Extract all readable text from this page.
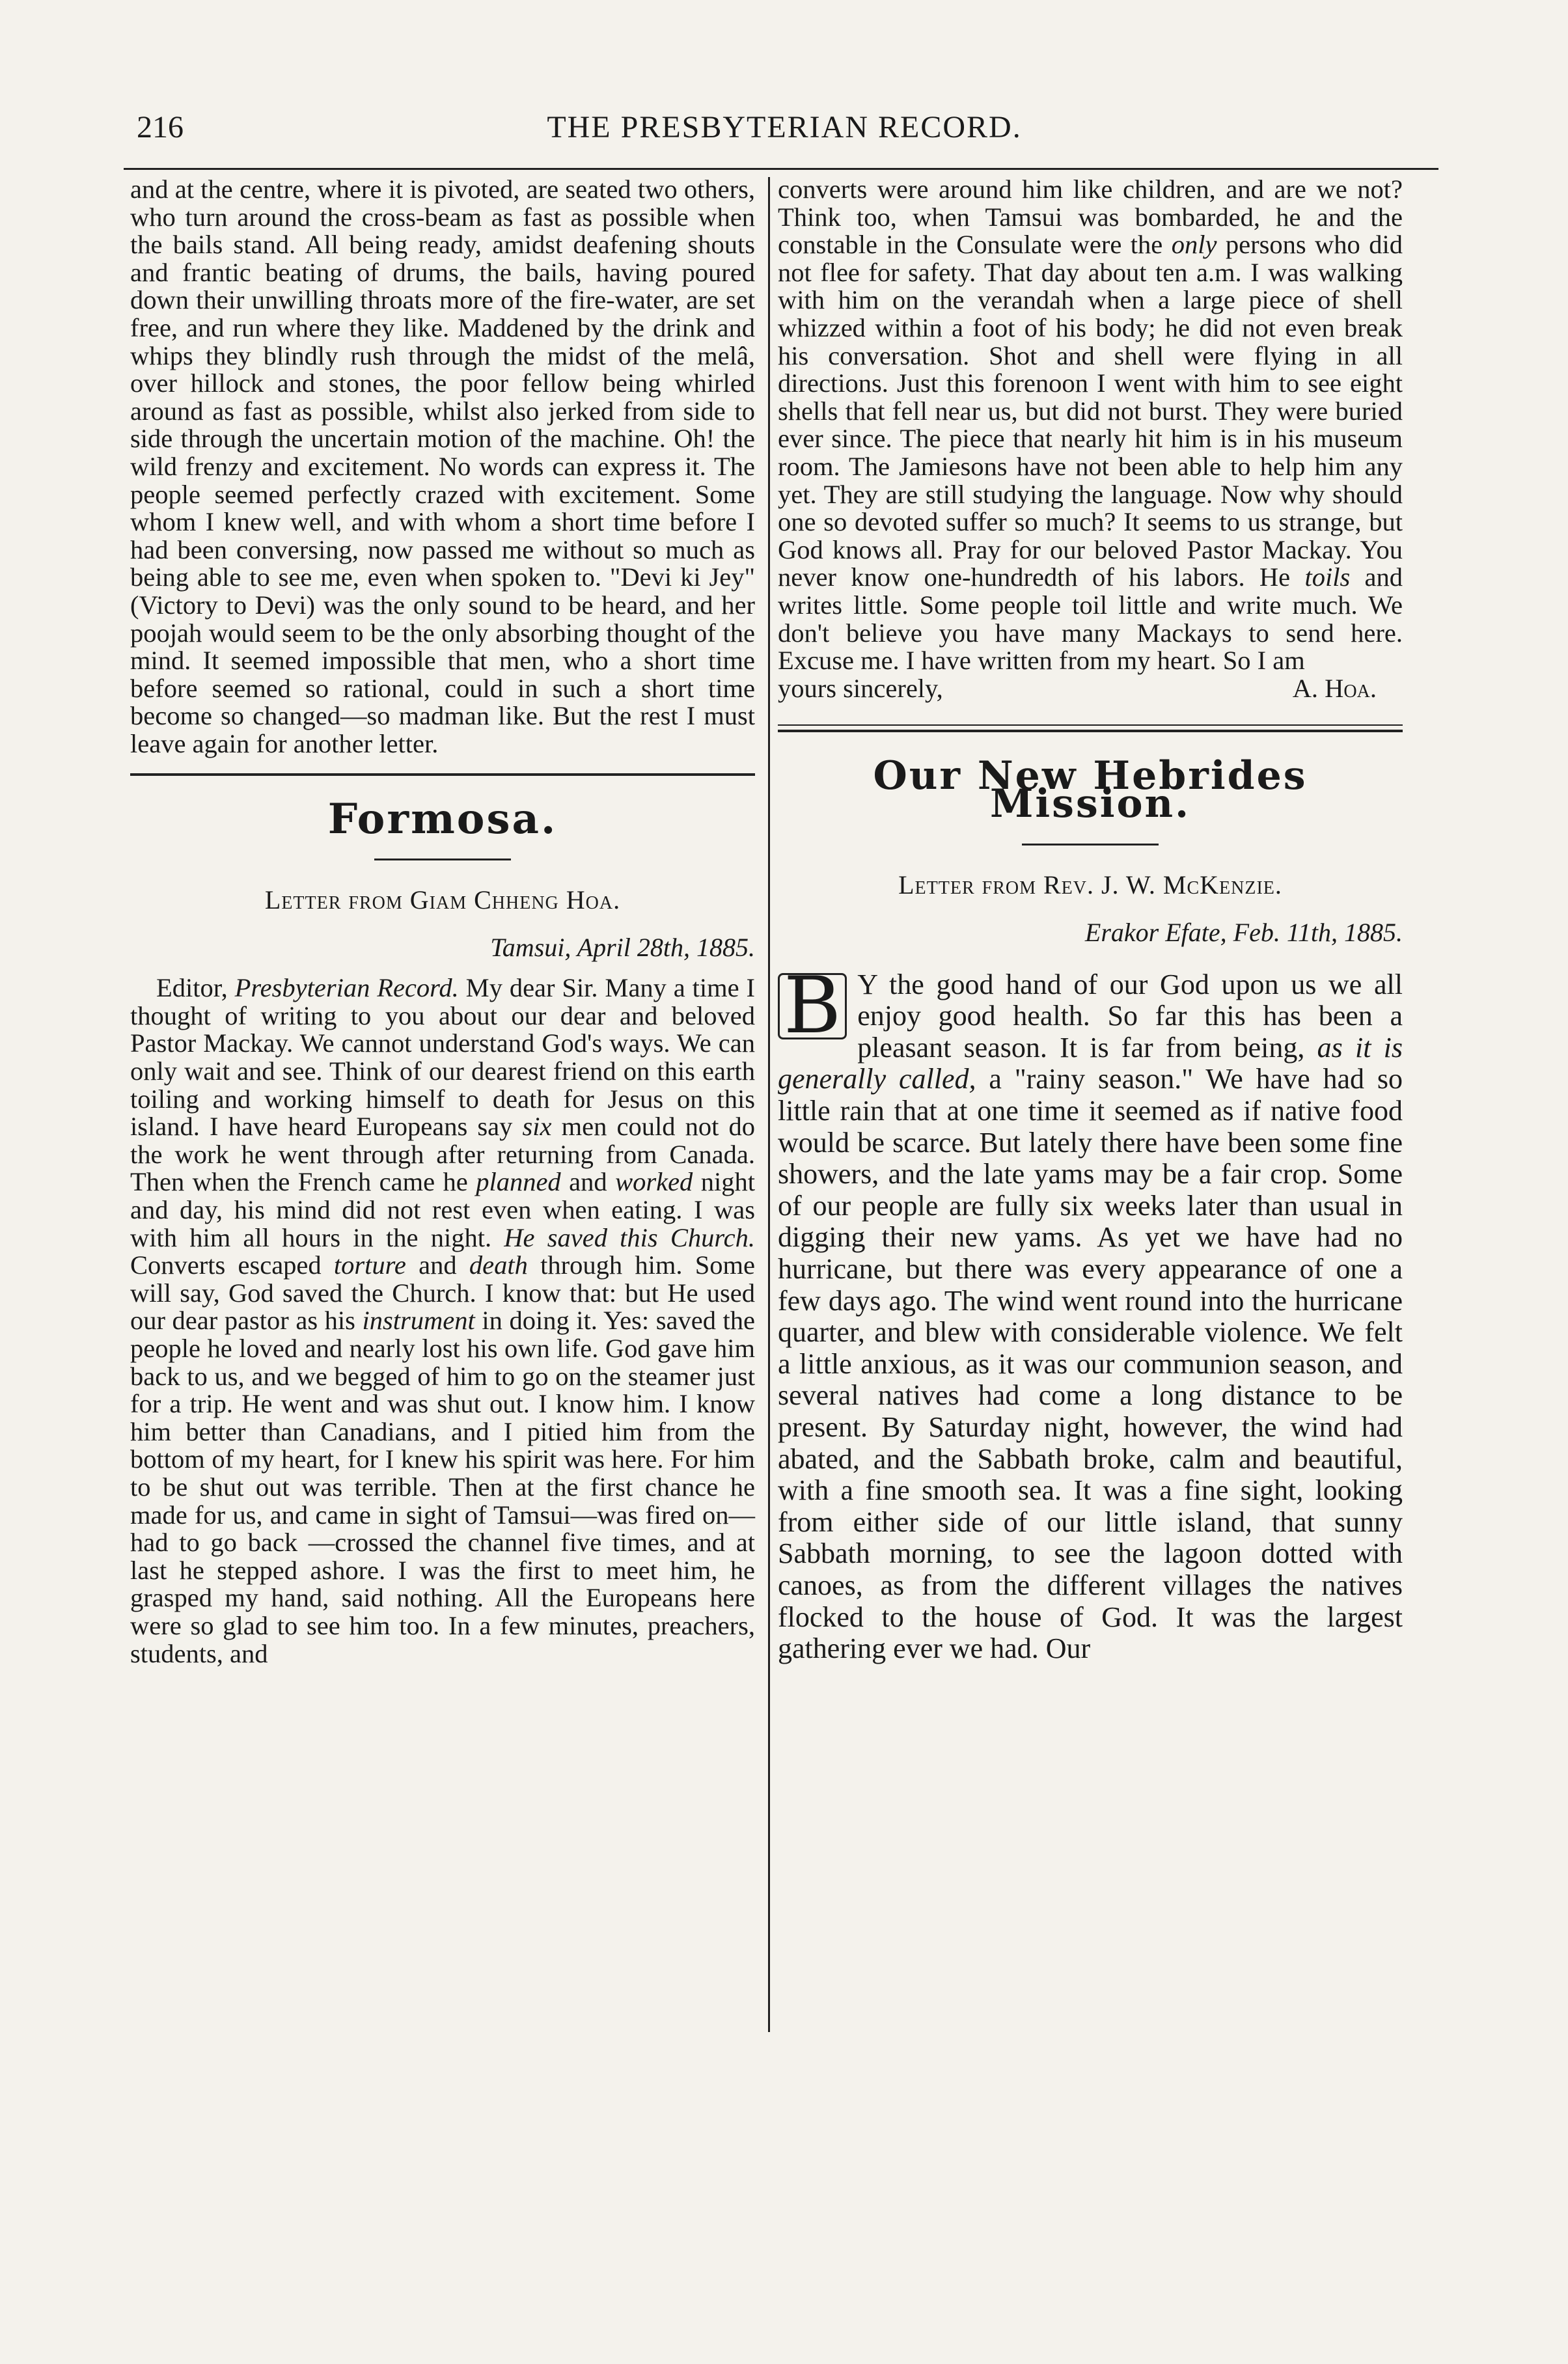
216	THE PRESBYTERIAN RECORD.

and at the centre, where it is pivoted, are seated two others, who turn around the cross-beam as fast as possible when the bails stand. All being ready, amidst deafening shouts and frantic beating of drums, the bails, having poured down their unwilling throats more of the fire-water, are set free, and run where they like. Maddened by the drink and whips they blindly rush through the midst of the melâ, over hillock and stones, the poor fellow being whirled around as fast as possible, whilst also jerked from side to side through the uncertain motion of the machine. Oh! the wild frenzy and excitement. No words can express it. The people seemed perfectly crazed with excitement. Some whom I knew well, and with whom a short time before I had been conversing, now passed me without so much as being able to see me, even when spoken to. "Devi ki Jey" (Victory to Devi) was the only sound to be heard, and her poojah would seem to be the only absorbing thought of the mind. It seemed impossible that men, who a short time before seemed so rational, could in such a short time become so changed—so madman like. But the rest I must leave again for another letter.

Formosa.
Letter from Giam Chheng Hoa.
Tamsui, April 28th, 1885.

Editor, Presbyterian Record. My dear Sir. Many a time I thought of writing to you about our dear and beloved Pastor Mackay. We cannot understand God's ways. We can only wait and see. Think of our dearest friend on this earth toiling and working himself to death for Jesus on this island. I have heard Europeans say six men could not do the work he went through after returning from Canada. Then when the French came he planned and worked night and day, his mind did not rest even when eating. I was with him all hours in the night. He saved this Church. Converts escaped torture and death through him. Some will say, God saved the Church. I know that: but He used our dear pastor as his instrument in doing it. Yes: saved the people he loved and nearly lost his own life. God gave him back to us, and we begged of him to go on the steamer just for a trip. He went and was shut out. I know him. I know him better than Canadians, and I pitied him from the bottom of my heart, for I knew his spirit was here. For him to be shut out was terrible. Then at the first chance he made for us, and came in sight of Tamsui—was fired on—had to go back —crossed the channel five times, and at last he stepped ashore. I was the first to meet him, he grasped my hand, said nothing. All the Europeans here were so glad to see him too. In a few minutes, preachers, students, and

converts were around him like children, and are we not? Think too, when Tamsui was bombarded, he and the constable in the Consulate were the only persons who did not flee for safety. That day about ten a.m. I was walking with him on the verandah when a large piece of shell whizzed within a foot of his body; he did not even break his conversation. Shot and shell were flying in all directions. Just this forenoon I went with him to see eight shells that fell near us, but did not burst. They were buried ever since. The piece that nearly hit him is in his museum room. The Jamiesons have not been able to help him any yet. They are still studying the language. Now why should one so devoted suffer so much? It seems to us strange, but God knows all. Pray for our beloved Pastor Mackay. You never know one-hundredth of his labors. He toils and writes little. Some people toil little and write much. We don't believe you have many Mackays to send here. Excuse me. I have written from my heart. So I am

yours sincerely,	A. Hoa.
Our New Hebrides Mission.
Letter from Rev. J. W. McKenzie.
Erakor Efate, Feb. 11th, 1885.

B Y the good hand of our God upon us we all enjoy good health. So far this has been a pleasant season. It is far from being, as it is generally called, a "rainy season." We have had so little rain that at one time it seemed as if native food would be scarce. But lately there have been some fine showers, and the late yams may be a fair crop. Some of our people are fully six weeks later than usual in digging their new yams. As yet we have had no hurricane, but there was every appearance of one a few days ago. The wind went round into the hurricane quarter, and blew with considerable violence. We felt a little anxious, as it was our communion season, and several natives had come a long distance to be present. By Saturday night, however, the wind had abated, and the Sabbath broke, calm and beautiful, with a fine smooth sea. It was a fine sight, looking from either side of our little island, that sunny Sabbath morning, to see the lagoon dotted with canoes, as from the different villages the natives flocked to the house of God. It was the largest gathering ever we had. Our
